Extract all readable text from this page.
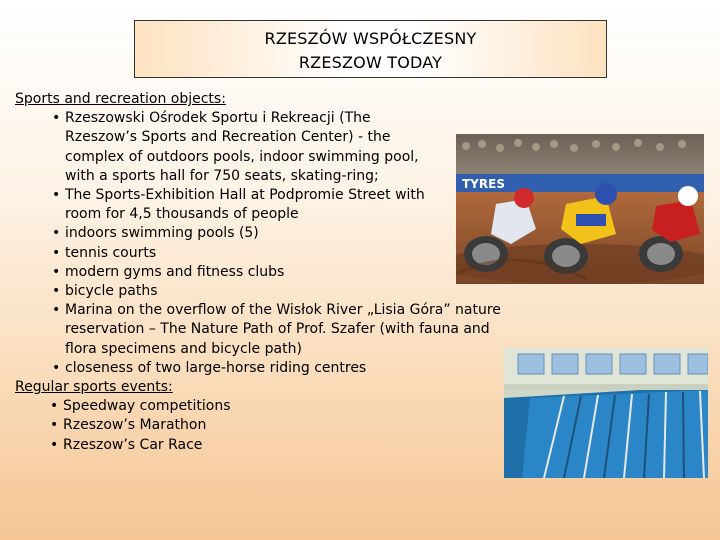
RZESZÓW WSPÓŁCZESNY
RZESZOW TODAY
TYRES
Sports and recreation objects:
• Rzeszowski Ośrodek Sportu i Rekreacji (The Rzeszow’s Sports and Recreation Center) - the complex of outdoors pools, indoor swimming pool, with a sports hall for 750 seats, skating-ring;
• The Sports-Exhibition Hall at Podpromie Street with room for 4,5 thousands of people
• indoors swimming pools (5)
• tennis courts
• modern gyms and fitness clubs
• bicycle paths
• Marina on the overflow of the Wisłok River „Lisia Góra” nature reservation – The Nature Path of Prof. Szafer (with fauna and flora specimens and bicycle path)
• closeness of two large-horse riding centres
Regular sports events:
• Speedway competitions
• Rzeszow’s Marathon
• Rzeszow’s Car Race
